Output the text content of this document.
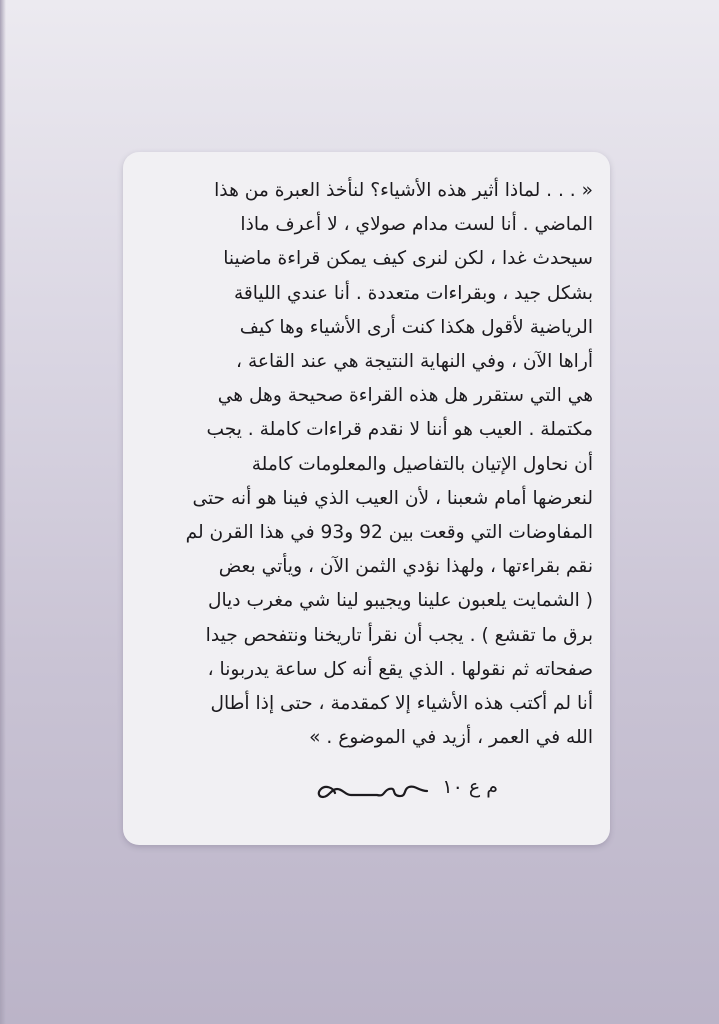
« . . . لماذا أثير هذه الأشياء؟ لنأخذ العبرة من هذا
الماضي . أنا لست مدام صولاي ، لا أعرف ماذا
سيحدث غدا ، لكن لنرى كيف يمكن قراءة ماضينا
بشكل جيد ، وبقراءات متعددة . أنا عندي اللياقة
الرياضية لأقول هكذا كنت أرى الأشياء وها كيف
أراها الآن ، وفي النهاية النتيجة هي عند القاعة ،
هي التي ستقرر هل هذه القراءة صحيحة وهل هي
مكتملة . العيب هو أننا لا نقدم قراءات كاملة . يجب
أن نحاول الإتيان بالتفاصيل والمعلومات كاملة
لنعرضها أمام شعبنا ، لأن العيب الذي فينا هو أنه حتى
المفاوضات التي وقعت بين 92 و93 في هذا القرن لم
نقم بقراءتها ، ولهذا نؤدي الثمن الآن ، ويأتي بعض
( الشمايت يلعبون علينا ويجيبو لينا شي مغرب ديال
برق ما تقشع ) . يجب أن نقرأ تاريخنا ونتفحص جيدا
صفحاته ثم نقولها . الذي يقع أنه كل ساعة يدربونا ،
أنا لم أكتب هذه الأشياء إلا كمقدمة ، حتى إذا أطال
الله في العمر ، أزيد في الموضوع . »
م ع ١٠
